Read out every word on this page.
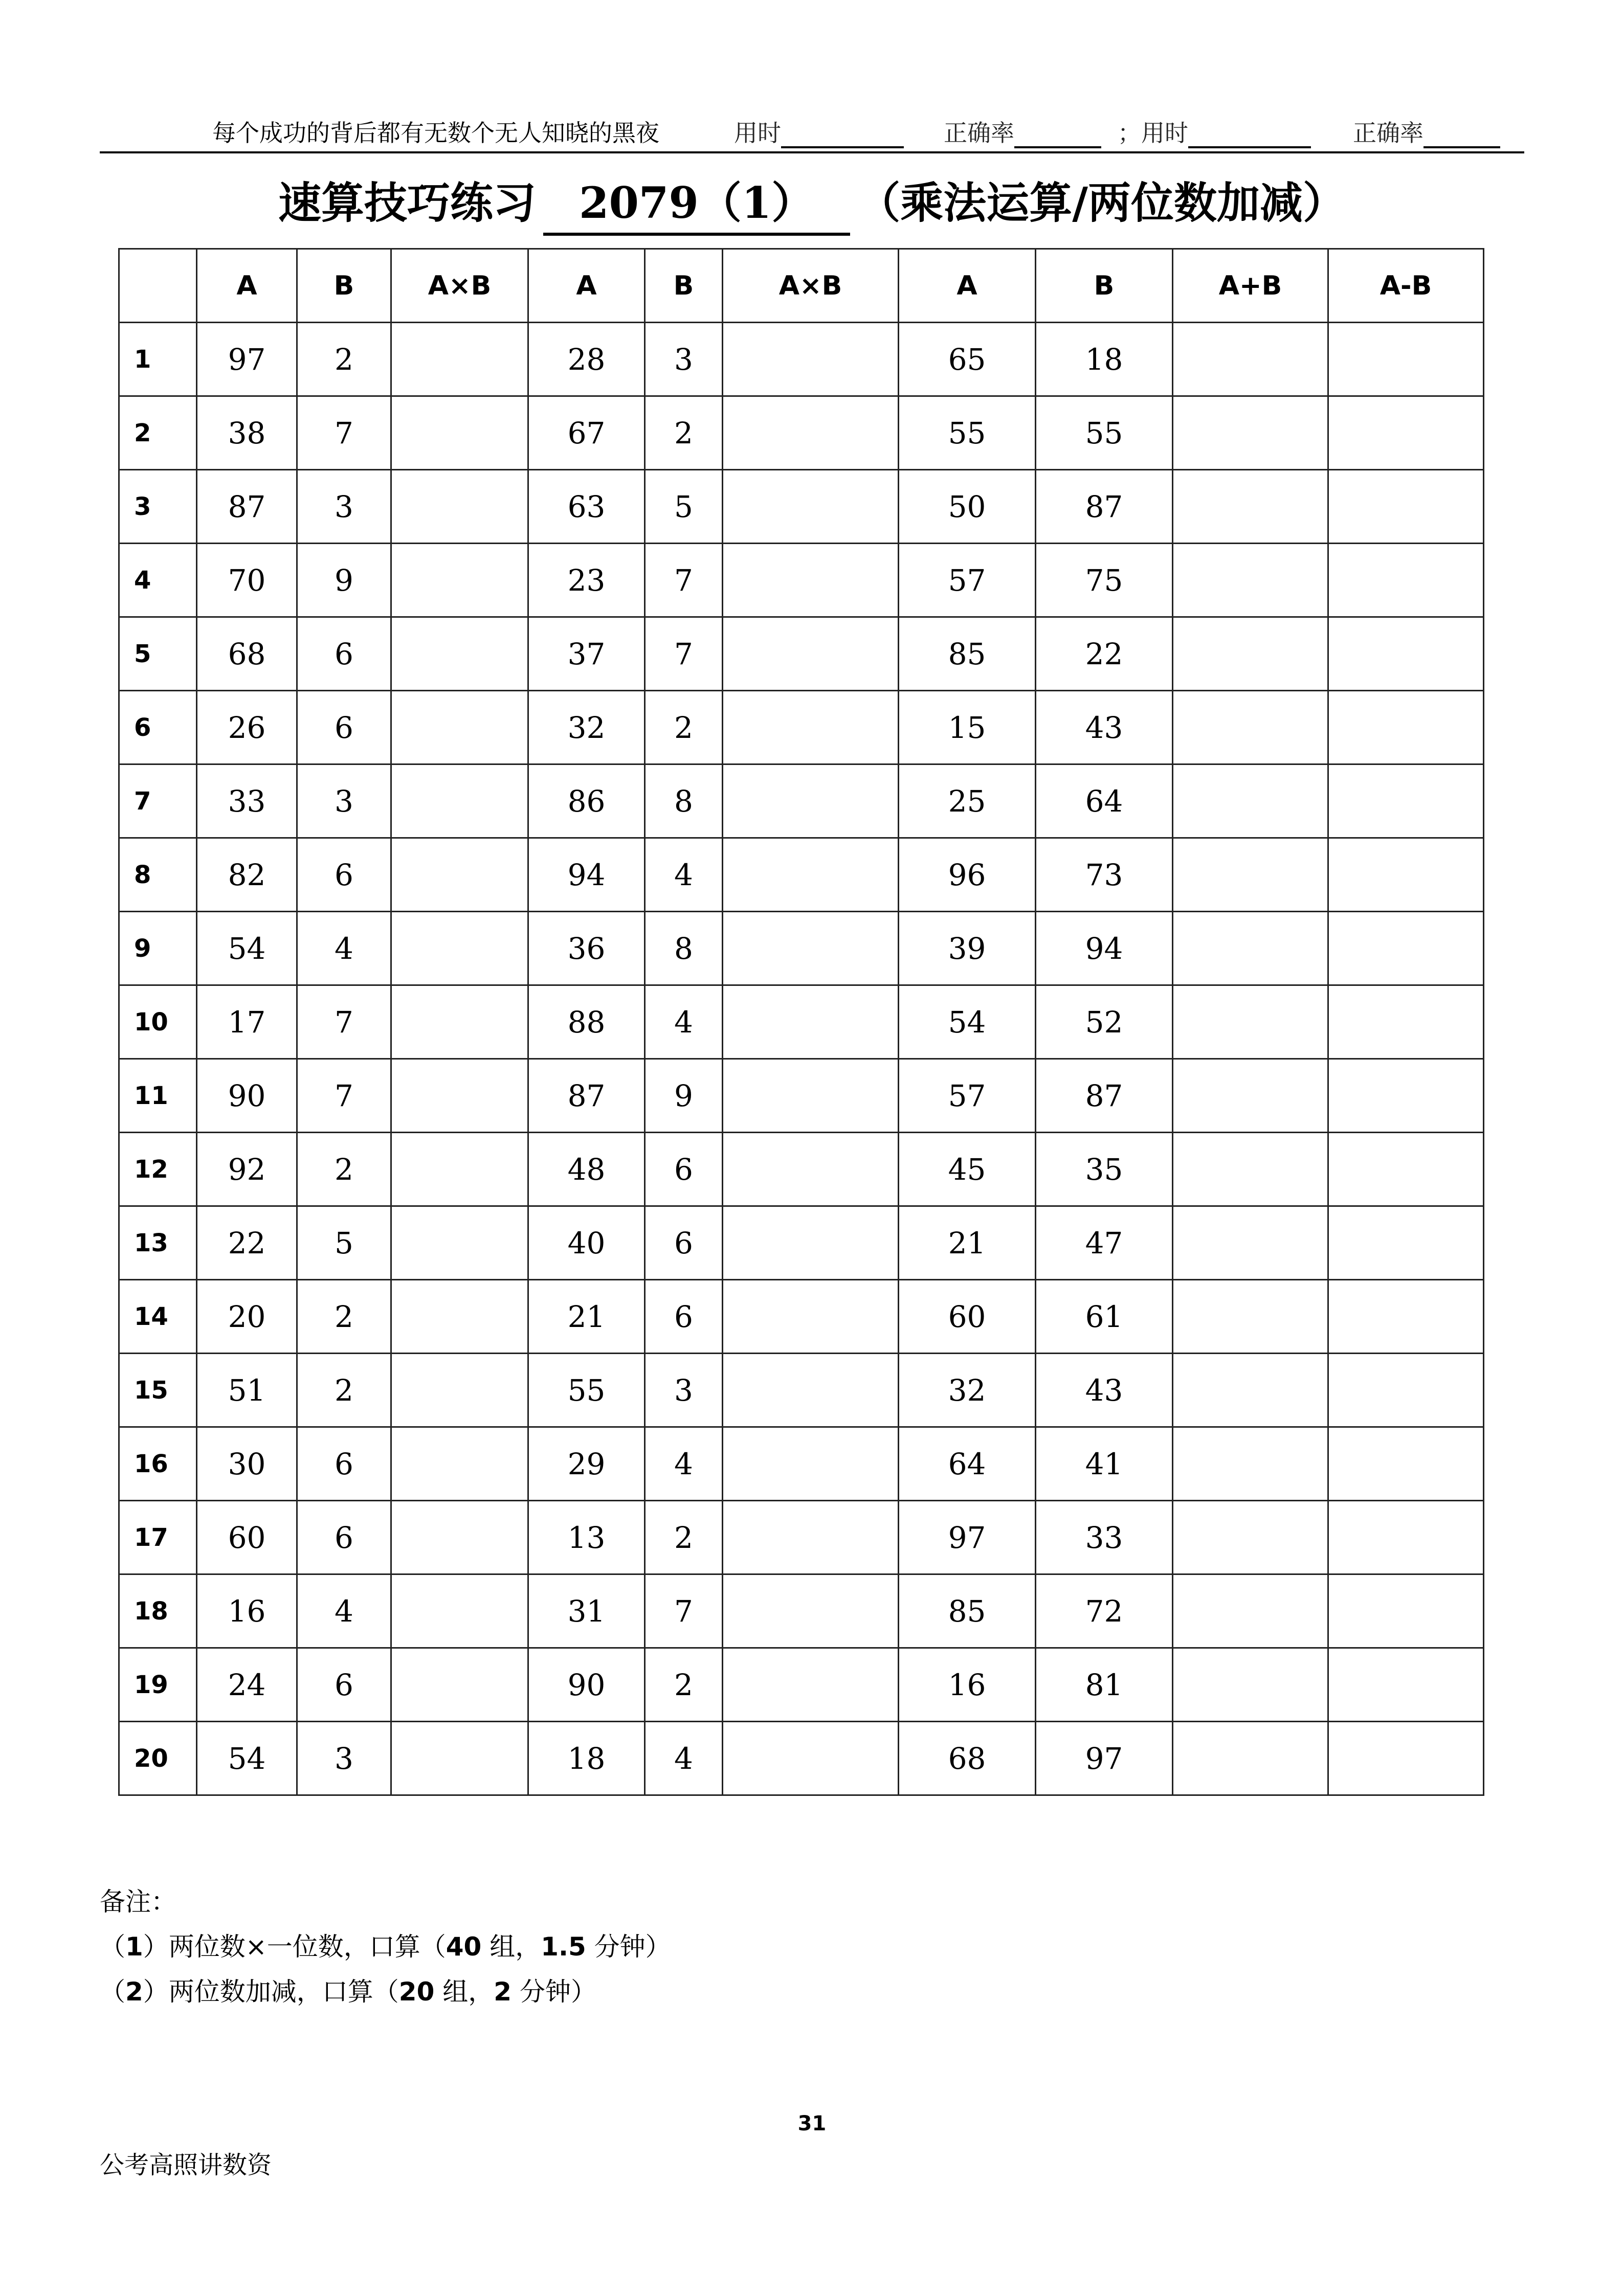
每个成功的背后都有无数个无人知晓的黑夜	用时	正确率	；用时	正确率
速算技巧练习 2079（1） （乘法运算/两位数加减）
	A	B	A×B	A	B	A×B	A	B	A+B	A-B
1	97	2		28	3		65	18		
2	38	7		67	2		55	55		
3	87	3		63	5		50	87		
4	70	9		23	7		57	75		
5	68	6		37	7		85	22		
6	26	6		32	2		15	43		
7	33	3		86	8		25	64		
8	82	6		94	4		96	73		
9	54	4		36	8		39	94		
10	17	7		88	4		54	52		
11	90	7		87	9		57	87		
12	92	2		48	6		45	35		
13	22	5		40	6		21	47		
14	20	2		21	6		60	61		
15	51	2		55	3		32	43		
16	30	6		29	4		64	41		
17	60	6		13	2		97	33		
18	16	4		31	7		85	72		
19	24	6		90	2		16	81		
20	54	3		18	4		68	97		
备注：
（1）两位数×一位数，口算（40 组，1.5 分钟）
（2）两位数加减，口算（20 组，2 分钟）
31
公考高照讲数资
